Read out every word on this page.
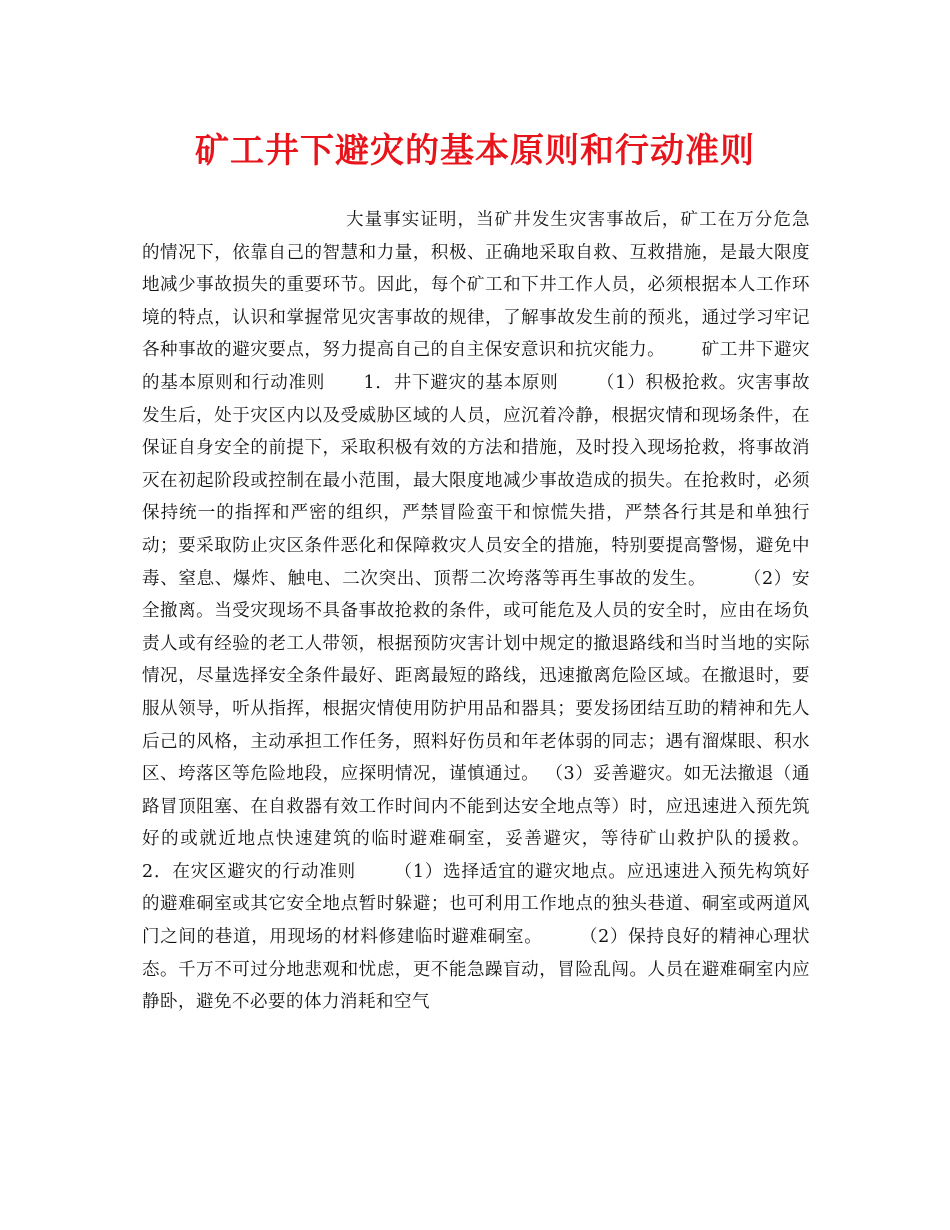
矿工井下避灾的基本原则和行动准则

大量事实证明，当矿井发生灾害事故后，矿工在万分危急的情况下，依靠自己的智慧和力量，积极、正确地采取自救、互救措施，是最大限度地减少事故损失的重要环节。因此，每个矿工和下井工作人员，必须根据本人工作环境的特点，认识和掌握常见灾害事故的规律，了解事故发生前的预兆，通过学习牢记各种事故的避灾要点，努力提高自己的自主保安意识和抗灾能力。      矿工井下避灾的基本原则和行动准则      1．井下避灾的基本原则      （1）积极抢救。灾害事故发生后，处于灾区内以及受威胁区域的人员，应沉着冷静，根据灾情和现场条件，在保证自身安全的前提下，采取积极有效的方法和措施，及时投入现场抢救，将事故消灭在初起阶段或控制在最小范围，最大限度地减少事故造成的损失。在抢救时，必须保持统一的指挥和严密的组织，严禁冒险蛮干和惊慌失措，严禁各行其是和单独行动；要采取防止灾区条件恶化和保障救灾人员安全的措施，特别要提高警惕，避免中毒、窒息、爆炸、触电、二次突出、顶帮二次垮落等再生事故的发生。      （2）安全撤离。当受灾现场不具备事故抢救的条件，或可能危及人员的安全时，应由在场负责人或有经验的老工人带领，根据预防灾害计划中规定的撤退路线和当时当地的实际情况，尽量选择安全条件最好、距离最短的路线，迅速撤离危险区域。在撤退时，要服从领导，听从指挥，根据灾情使用防护用品和器具；要发扬团结互助的精神和先人后己的风格，主动承担工作任务，照料好伤员和年老体弱的同志；遇有溜煤眼、积水区、垮落区等危险地段，应探明情况，谨慎通过。 （3）妥善避灾。如无法撤退（通路冒顶阻塞、在自救器有效工作时间内不能到达安全地点等）时，应迅速进入预先筑好的或就近地点快速建筑的临时避难硐室，妥善避灾，等待矿山救护队的援救。      2．在灾区避灾的行动准则      （1）选择适宜的避灾地点。应迅速进入预先构筑好的避难硐室或其它安全地点暂时躲避；也可利用工作地点的独头巷道、硐室或两道风门之间的巷道，用现场的材料修建临时避难硐室。      （2）保持良好的精神心理状态。千万不可过分地悲观和忧虑，更不能急躁盲动，冒险乱闯。人员在避难硐室内应静卧，避免不必要的体力消耗和空气
